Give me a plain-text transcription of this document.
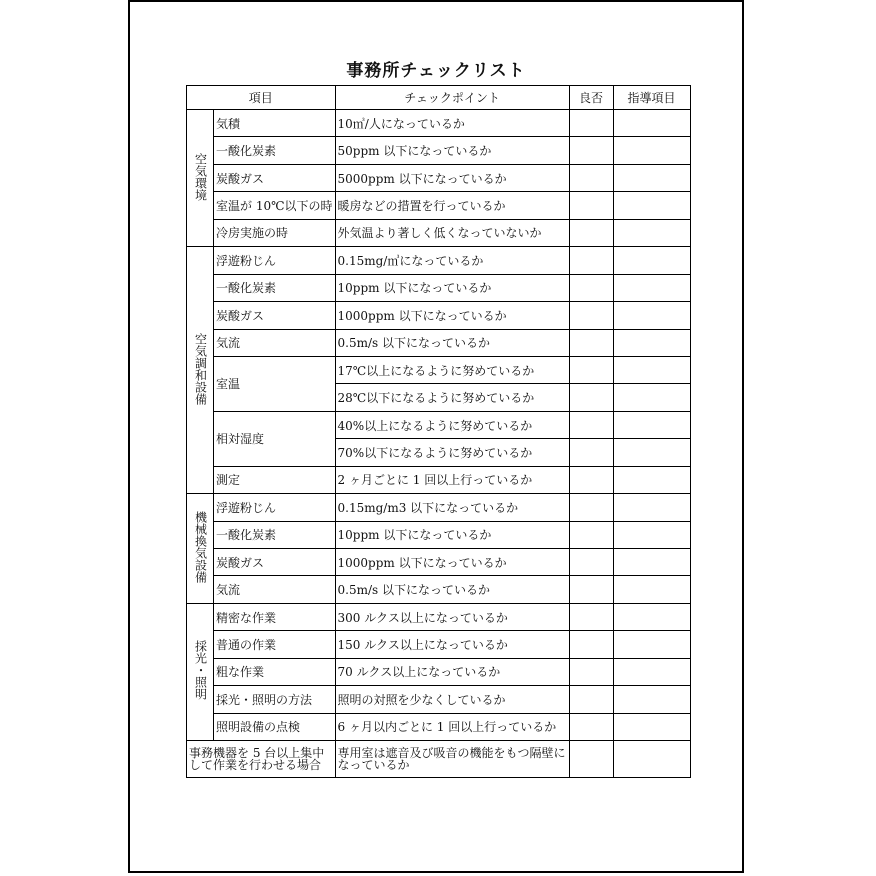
事務所チェックリスト
項目		チェックポイント	良否	指導項目
空気環境	気積	10㎥/人になっているか		
	一酸化炭素	50ppm 以下になっているか		
	炭酸ガス	5000ppm 以下になっているか		
	室温が 10℃以下の時	暖房などの措置を行っているか		
	冷房実施の時	外気温より著しく低くなっていないか		
空気調和設備	浮遊粉じん	0.15mg/㎥になっているか		
	一酸化炭素	10ppm 以下になっているか		
	炭酸ガス	1000ppm 以下になっているか		
	気流	0.5m/s 以下になっているか		
	室温	17℃以上になるように努めているか		
		28℃以下になるように努めているか		
	相対湿度	40%以上になるように努めているか		
		70%以下になるように努めているか		
	測定	2 ヶ月ごとに 1 回以上行っているか		
機械換気設備	浮遊粉じん	0.15mg/m3 以下になっているか		
	一酸化炭素	10ppm 以下になっているか		
	炭酸ガス	1000ppm 以下になっているか		
	気流	0.5m/s 以下になっているか		
採光・照明	精密な作業	300 ルクス以上になっているか		
	普通の作業	150 ルクス以上になっているか		
	粗な作業	70 ルクス以上になっているか		
	採光・照明の方法	照明の対照を少なくしているか		
	照明設備の点検	6 ヶ月以内ごとに 1 回以上行っているか		
事務機器を 5 台以上集中して作業を行わせる場合		専用室は遮音及び吸音の機能をもつ隔壁になっているか		
